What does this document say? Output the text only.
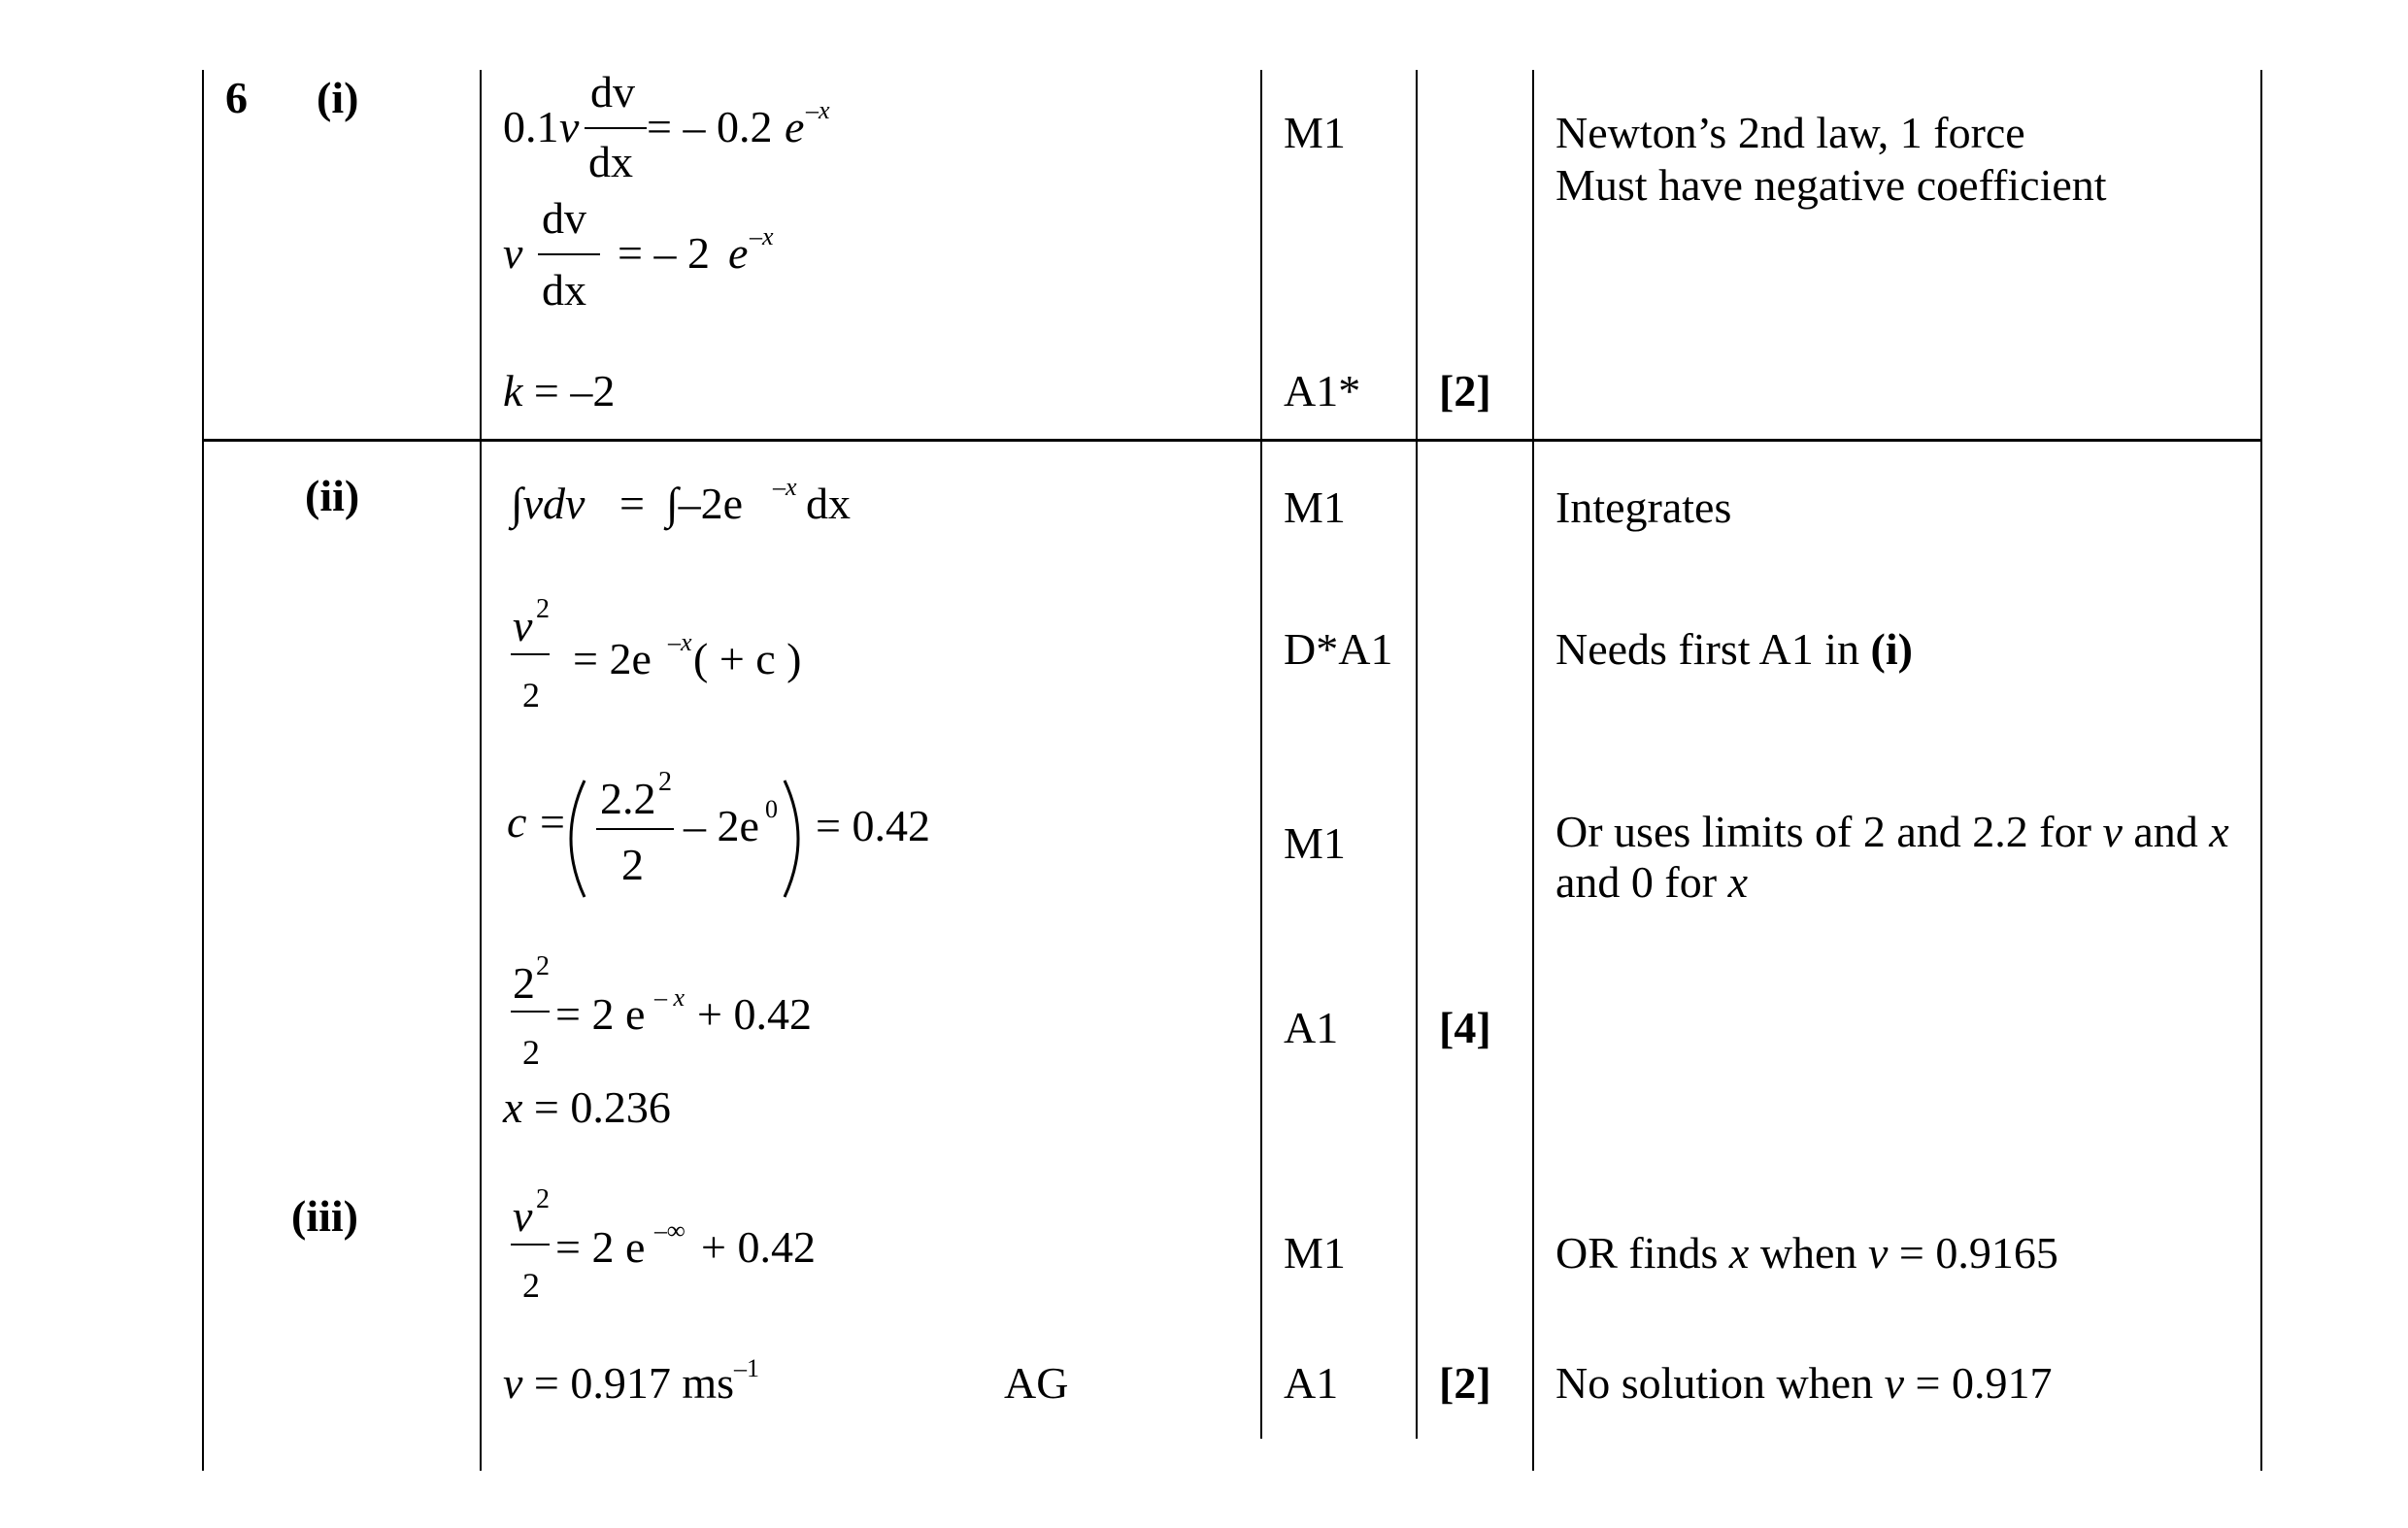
6 (i)
(ii)
(iii)
0.1 v
dv
dx
= – 0.2 e –x
v
dv
dx
= – 2 e –x
k = –2
M1
A1* [2]
Newton’s 2nd law, 1 force
Must have negative coefficient
∫vdv = ∫–2e –x dx
v 2
2
= 2e –x ( + c )
c = 2.2 2
2
– 2e 0 = 0.42
2 2
2
= 2 e – x + 0.42
x = 0.236
M1
D*A1
M1
A1 [4]
Integrates
Needs first A1 in (i)
Or uses limits of 2 and 2.2 for v and x
and 0 for x
v 2
2
= 2 e –∞ + 0.42
v = 0.917 $ms^{-1}$	AG
M1
A1 [2]
OR finds x when v = 0.9165
No solution when v = 0.917
